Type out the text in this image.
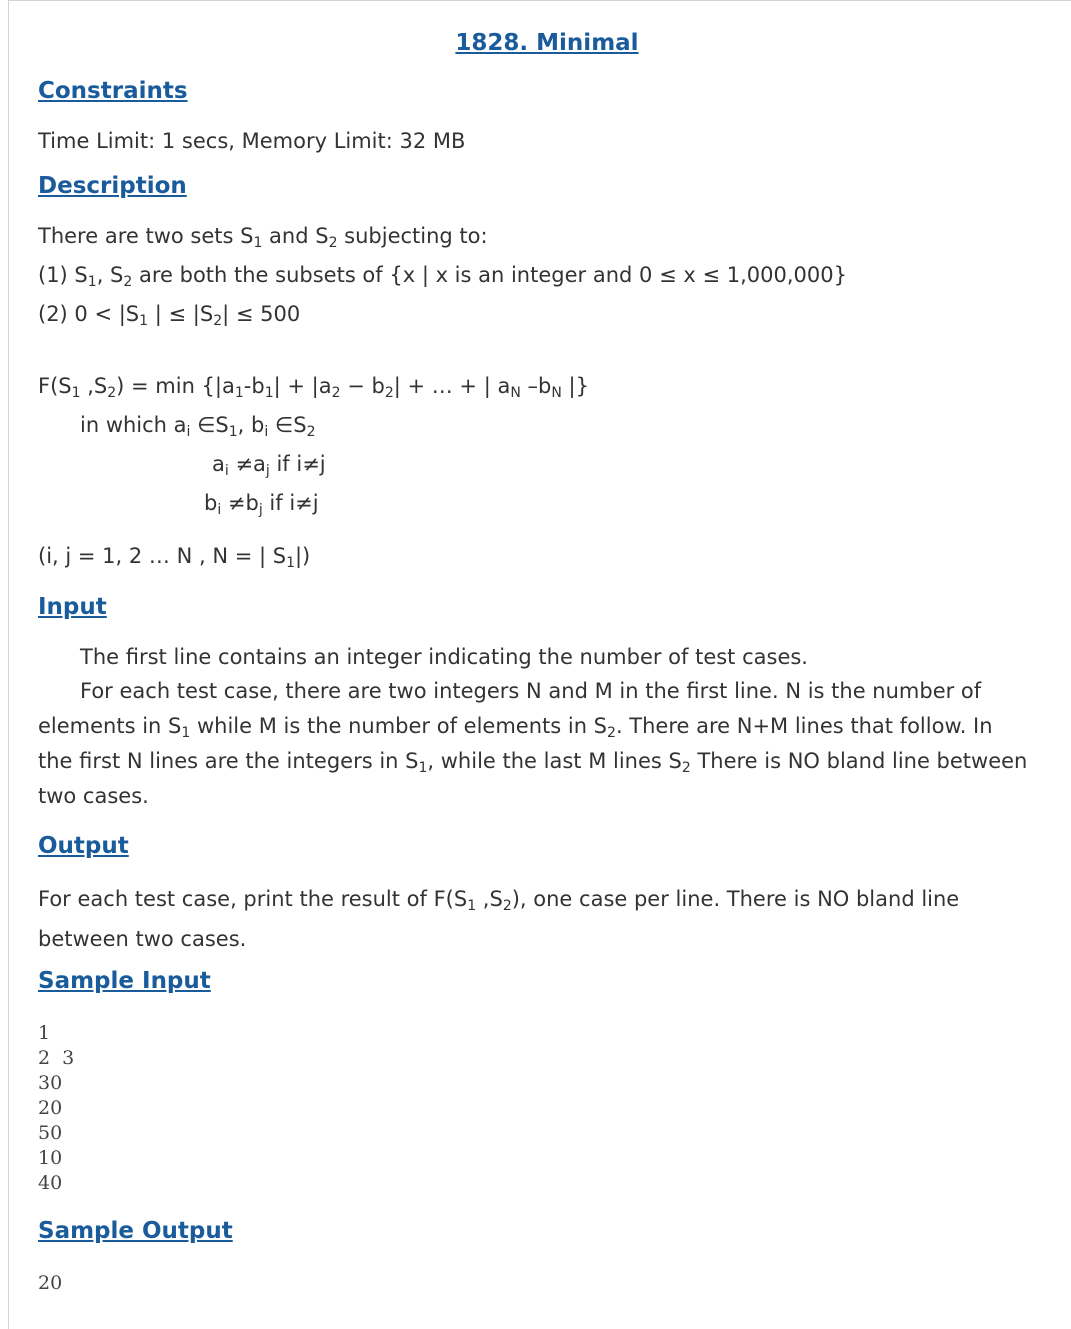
1828. Minimal
Constraints
Time Limit: 1 secs, Memory Limit: 32 MB
Description
There are two sets $S_1$ and $S_2$ subjecting to:
(1) $S_1$, $S_2$ are both the subsets of {x | x is an integer and 0 ≤ x ≤ 1,000,000}
(2) $0 < |S_1$ | ≤ $|S_2| \le 500$
$F(S_1$ $,S_2) = \min \{|a_1-b_1| + |a_2 - b_2|$ + … + | $a_N$ $-b_N$ |}
in which $a_i$ $\in S_1$, $b_i$ $\in S_2$
$a_i \ne a_j$ if i≠j
$b_i \ne b_j$ if i≠j
(i, j = 1, 2 … N , N = | $S_1|$)
Input
The first line contains an integer indicating the number of test cases.
For each test case, there are two integers N and M in the first line. N is the number of elements in $S_1$ while M is the number of elements in $S_2$. There are N+M lines that follow. In the first N lines are the integers in $S_1$, while the last M lines $S_2$ There is NO bland line between two cases.
Output
For each test case, print the result of $F(S_1$ $,S_2$), one case per line. There is NO bland line between two cases.
Sample Input
1
2  3
30
20
50
10
40
Sample Output
20
